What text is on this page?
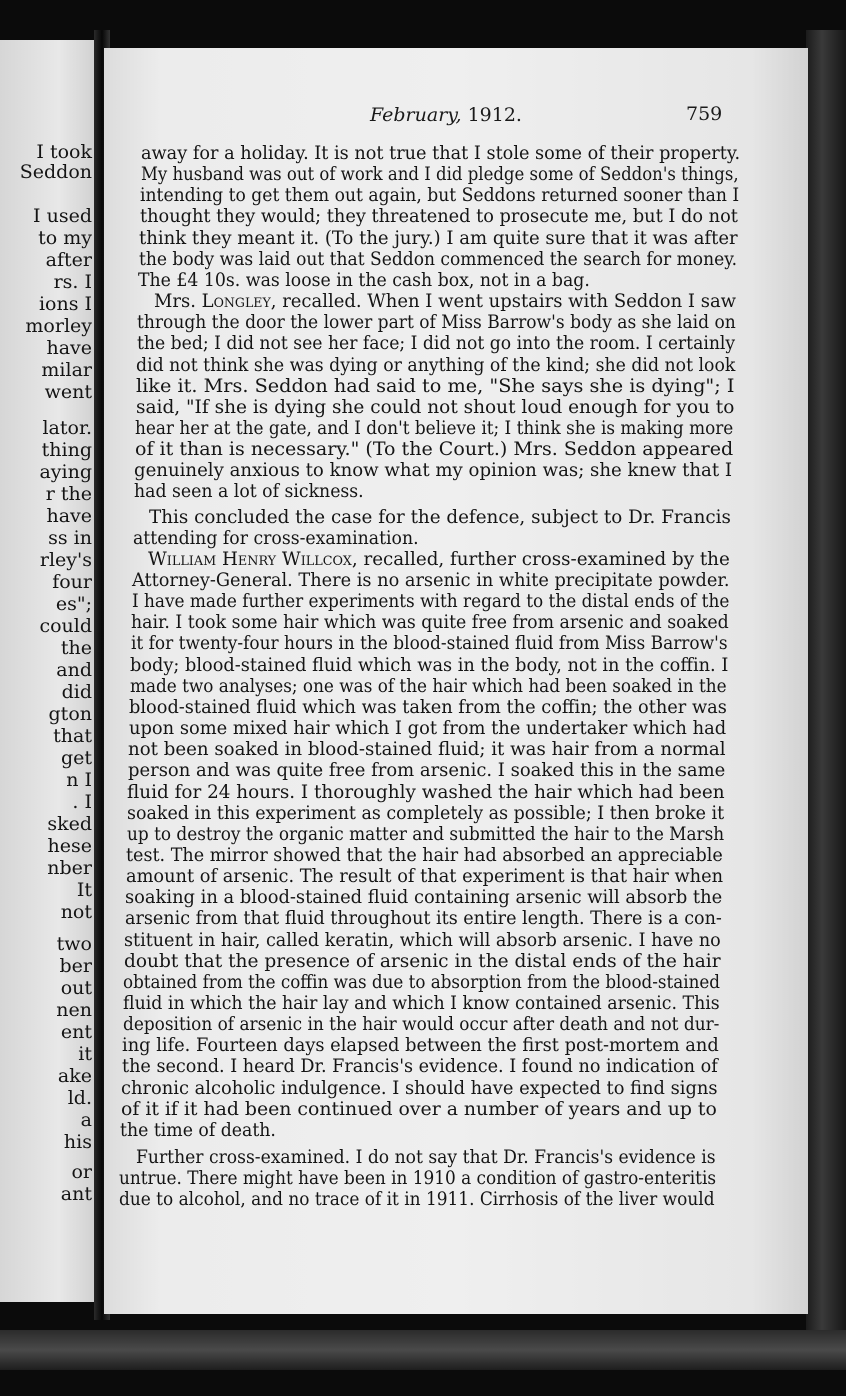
I took
Seddon
I used
to my
after
rs. I
ions I
morley
have
milar
went
lator.
thing
aying
r the
have
ss in
rley's
four
es";
could
the
and
did
gton
that
get
n I
. I
sked
hese
nber
It
not
two
ber
out
nen
ent
it
ake
ld.
a
his
or
ant
February, 1912.	759
away for a holiday. It is not true that I stole some of their property.
My husband was out of work and I did pledge some of Seddon's things,
intending to get them out again, but Seddons returned sooner than I
thought they would; they threatened to prosecute me, but I do not
think they meant it. (To the jury.) I am quite sure that it was after
the body was laid out that Seddon commenced the search for money.
The £4 10s. was loose in the cash box, not in a bag.
Mrs. Longley, recalled. When I went upstairs with Seddon I saw
through the door the lower part of Miss Barrow's body as she laid on
the bed; I did not see her face; I did not go into the room. I certainly
did not think she was dying or anything of the kind; she did not look
like it. Mrs. Seddon had said to me, "She says she is dying"; I
said, "If she is dying she could not shout loud enough for you to
hear her at the gate, and I don't believe it; I think she is making more
of it than is necessary." (To the Court.) Mrs. Seddon appeared
genuinely anxious to know what my opinion was; she knew that I
had seen a lot of sickness.
This concluded the case for the defence, subject to Dr. Francis
attending for cross-examination.
William Henry Willcox, recalled, further cross-examined by the
Attorney-General. There is no arsenic in white precipitate powder.
I have made further experiments with regard to the distal ends of the
hair. I took some hair which was quite free from arsenic and soaked
it for twenty-four hours in the blood-stained fluid from Miss Barrow's
body; blood-stained fluid which was in the body, not in the coffin. I
made two analyses; one was of the hair which had been soaked in the
blood-stained fluid which was taken from the coffin; the other was
upon some mixed hair which I got from the undertaker which had
not been soaked in blood-stained fluid; it was hair from a normal
person and was quite free from arsenic. I soaked this in the same
fluid for 24 hours. I thoroughly washed the hair which had been
soaked in this experiment as completely as possible; I then broke it
up to destroy the organic matter and submitted the hair to the Marsh
test. The mirror showed that the hair had absorbed an appreciable
amount of arsenic. The result of that experiment is that hair when
soaking in a blood-stained fluid containing arsenic will absorb the
arsenic from that fluid throughout its entire length. There is a con-
stituent in hair, called keratin, which will absorb arsenic. I have no
doubt that the presence of arsenic in the distal ends of the hair
obtained from the coffin was due to absorption from the blood-stained
fluid in which the hair lay and which I know contained arsenic. This
deposition of arsenic in the hair would occur after death and not dur-
ing life. Fourteen days elapsed between the first post-mortem and
the second. I heard Dr. Francis's evidence. I found no indication of
chronic alcoholic indulgence. I should have expected to find signs
of it if it had been continued over a number of years and up to
the time of death.
Further cross-examined. I do not say that Dr. Francis's evidence is
untrue. There might have been in 1910 a condition of gastro-enteritis
due to alcohol, and no trace of it in 1911. Cirrhosis of the liver would
